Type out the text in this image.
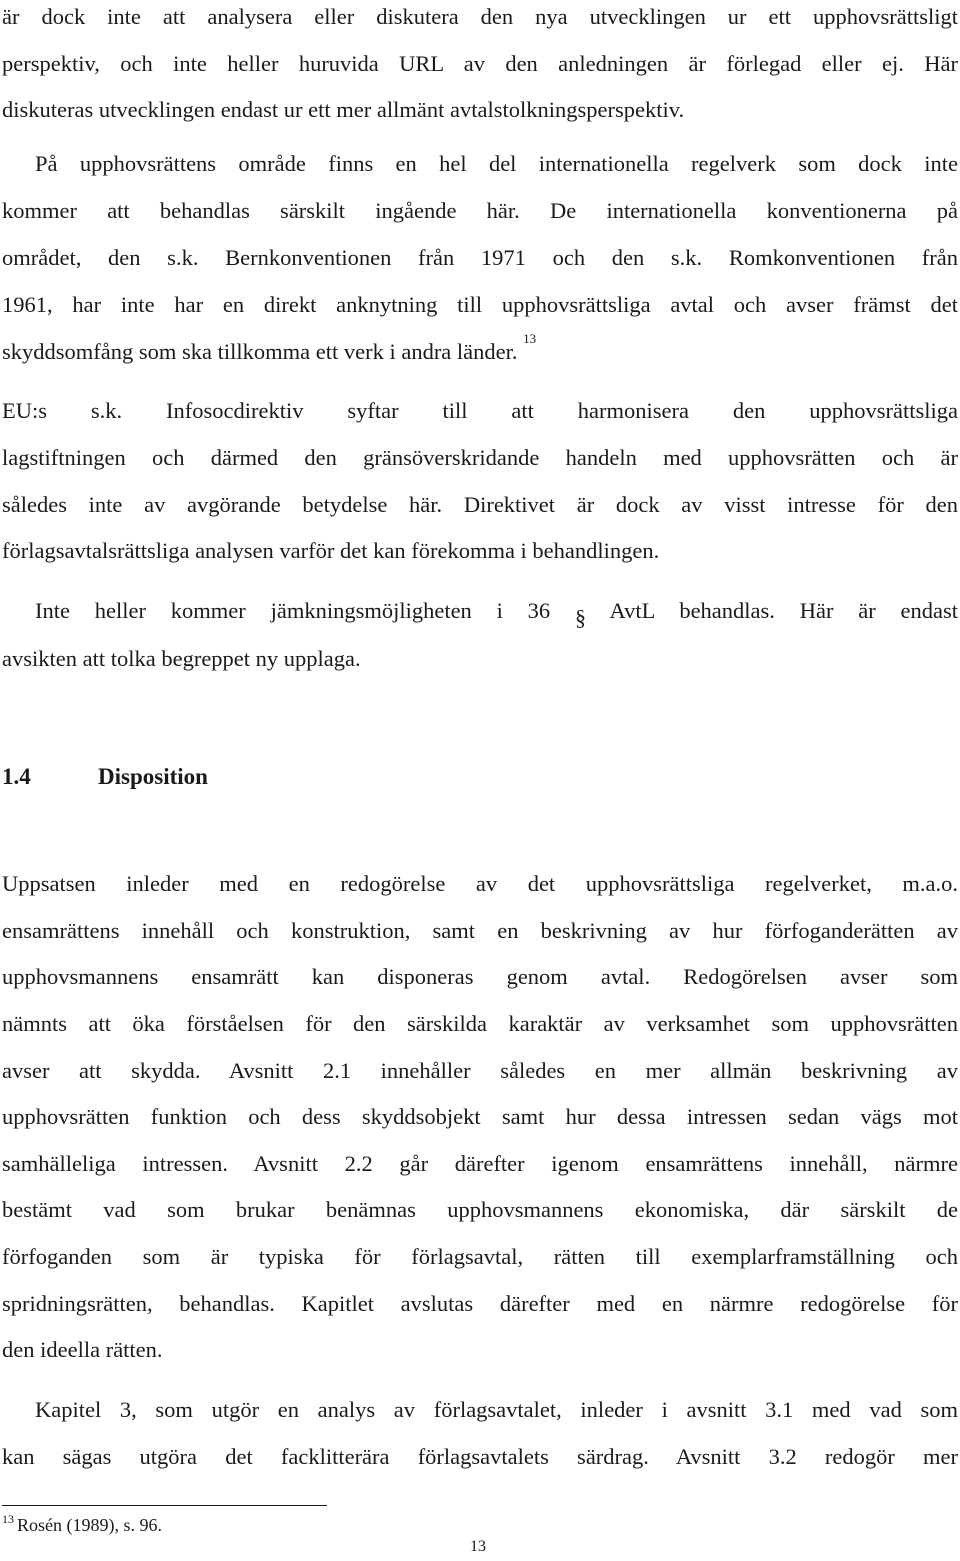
är dock inte att analysera eller diskutera den nya utvecklingen ur ett upphovsrättsligt
perspektiv, och inte heller huruvida URL av den anledningen är förlegad eller ej. Här
diskuteras utvecklingen endast ur ett mer allmänt avtalstolkningsperspektiv.
På upphovsrättens område finns en hel del internationella regelverk som dock inte
kommer att behandlas särskilt ingående här. De internationella konventionerna på
området, den s.k. Bernkonventionen från 1971 och den s.k. Romkonventionen från
1961, har inte har en direkt anknytning till upphovsrättsliga avtal och avser främst det
skyddsomfång som ska tillkomma ett verk i andra länder. $^{13}$
EU:s s.k. Infosocdirektiv syftar till att harmonisera den upphovsrättsliga
lagstiftningen och därmed den gränsöverskridande handeln med upphovsrätten och är
således inte av avgörande betydelse här. Direktivet är dock av visst intresse för den
förlagsavtalsrättsliga analysen varför det kan förekomma i behandlingen.
Inte heller kommer jämkningsmöjligheten i 36 § AvtL behandlas. Här är endast
avsikten att tolka begreppet ny upplaga.
1.4	Disposition
Uppsatsen inleder med en redogörelse av det upphovsrättsliga regelverket, m.a.o.
ensamrättens innehåll och konstruktion, samt en beskrivning av hur förfoganderätten av
upphovsmannens ensamrätt kan disponeras genom avtal. Redogörelsen avser som
nämnts att öka förståelsen för den särskilda karaktär av verksamhet som upphovsrätten
avser att skydda. Avsnitt 2.1 innehåller således en mer allmän beskrivning av
upphovsrätten funktion och dess skyddsobjekt samt hur dessa intressen sedan vägs mot
samhälleliga intressen. Avsnitt 2.2 går därefter igenom ensamrättens innehåll, närmre
bestämt vad som brukar benämnas upphovsmannens ekonomiska, där särskilt de
förfoganden som är typiska för förlagsavtal, rätten till exemplarframställning och
spridningsrätten, behandlas. Kapitlet avslutas därefter med en närmre redogörelse för
den ideella rätten.
Kapitel 3, som utgör en analys av förlagsavtalet, inleder i avsnitt 3.1 med vad som
kan sägas utgöra det facklitterära förlagsavtalets särdrag. Avsnitt 3.2 redogör mer
$^{13}$ Rosén (1989), s. 96.
13
